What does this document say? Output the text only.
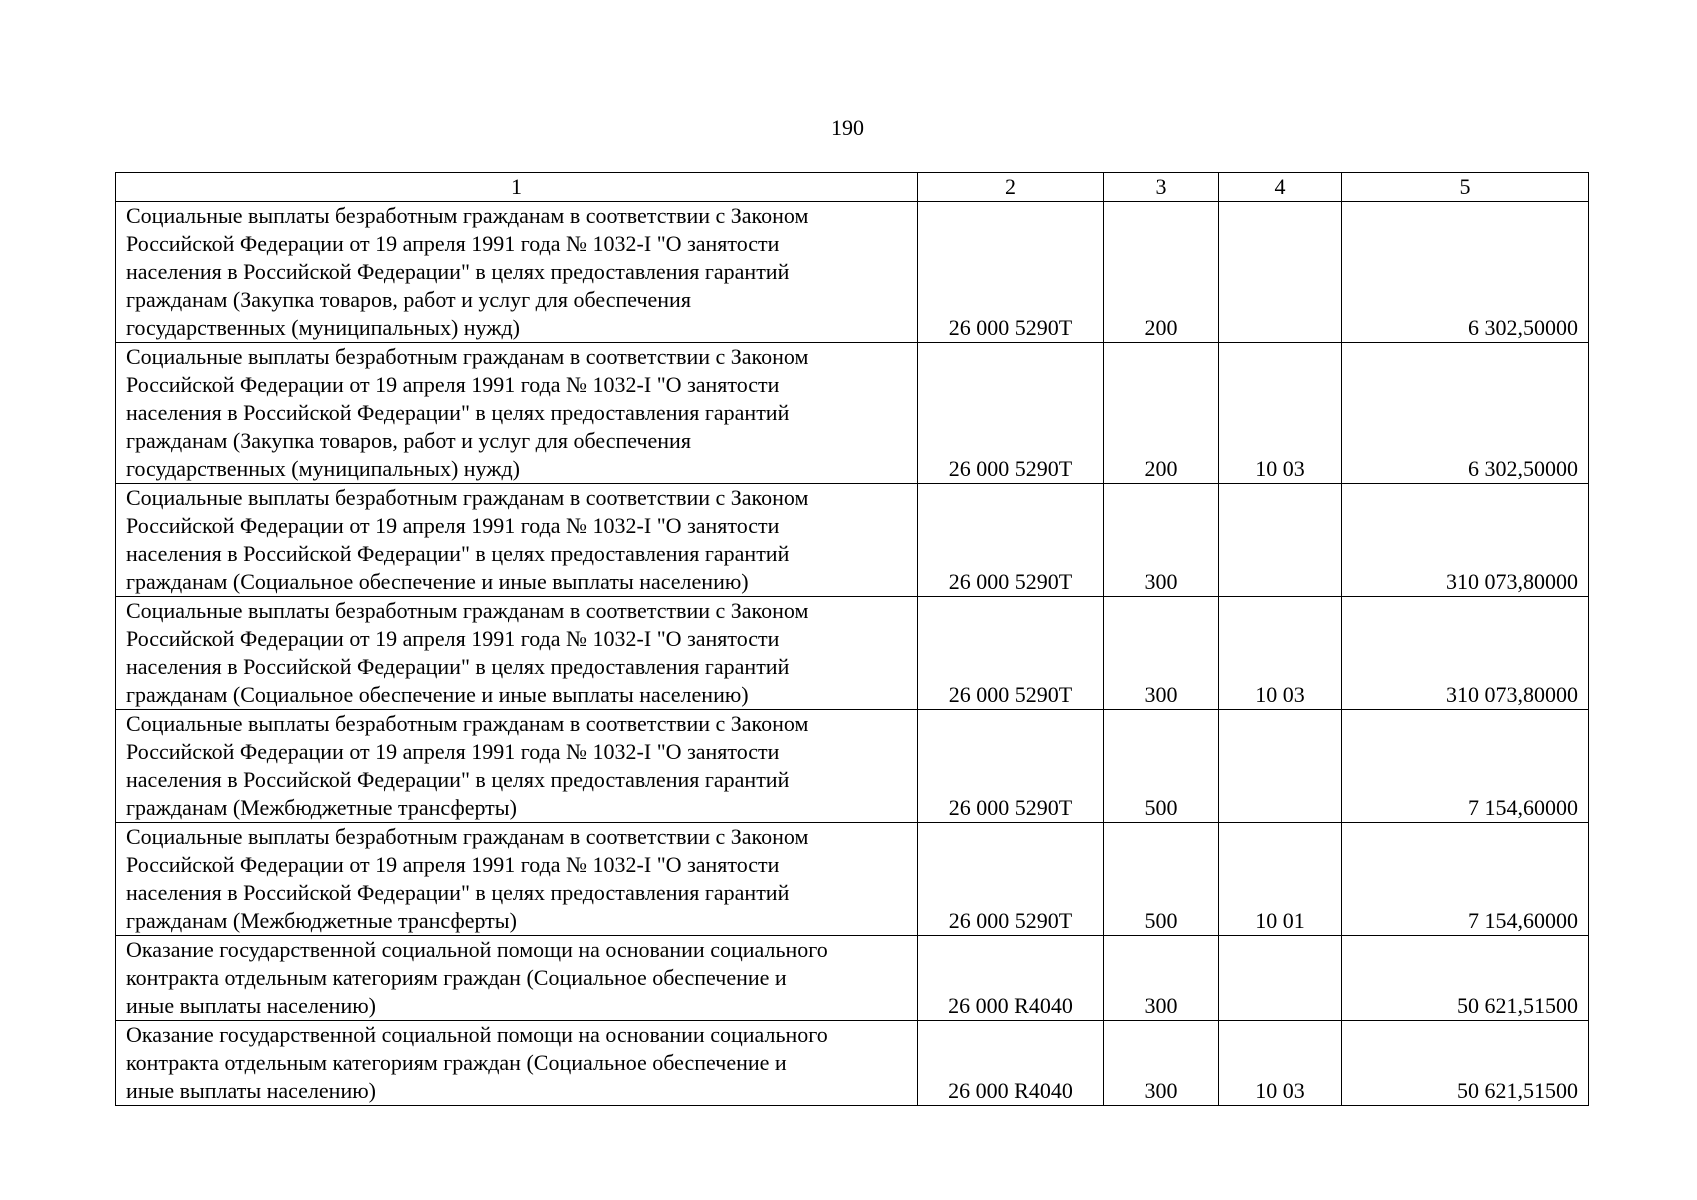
190
1	2	3	4	5
Социальные выплаты безработным гражданам в соответствии с Законом
Российской Федерации от 19 апреля 1991 года № 1032-I "О занятости
населения в Российской Федерации" в целях предоставления гарантий
гражданам (Закупка товаров, работ и услуг для обеспечения
государственных (муниципальных) нужд)	26 000 5290Т	200		6 302,50000
Социальные выплаты безработным гражданам в соответствии с Законом
Российской Федерации от 19 апреля 1991 года № 1032-I "О занятости
населения в Российской Федерации" в целях предоставления гарантий
гражданам (Закупка товаров, работ и услуг для обеспечения
государственных (муниципальных) нужд)	26 000 5290Т	200	10 03	6 302,50000
Социальные выплаты безработным гражданам в соответствии с Законом
Российской Федерации от 19 апреля 1991 года № 1032-I "О занятости
населения в Российской Федерации" в целях предоставления гарантий
гражданам (Социальное обеспечение и иные выплаты населению)	26 000 5290Т	300		310 073,80000
Социальные выплаты безработным гражданам в соответствии с Законом
Российской Федерации от 19 апреля 1991 года № 1032-I "О занятости
населения в Российской Федерации" в целях предоставления гарантий
гражданам (Социальное обеспечение и иные выплаты населению)	26 000 5290Т	300	10 03	310 073,80000
Социальные выплаты безработным гражданам в соответствии с Законом
Российской Федерации от 19 апреля 1991 года № 1032-I "О занятости
населения в Российской Федерации" в целях предоставления гарантий
гражданам (Межбюджетные трансферты)	26 000 5290Т	500		7 154,60000
Социальные выплаты безработным гражданам в соответствии с Законом
Российской Федерации от 19 апреля 1991 года № 1032-I "О занятости
населения в Российской Федерации" в целях предоставления гарантий
гражданам (Межбюджетные трансферты)	26 000 5290Т	500	10 01	7 154,60000
Оказание государственной социальной помощи на основании социального
контракта отдельным категориям граждан (Социальное обеспечение и
иные выплаты населению)	26 000 R4040	300		50 621,51500
Оказание государственной социальной помощи на основании социального
контракта отдельным категориям граждан (Социальное обеспечение и
иные выплаты населению)	26 000 R4040	300	10 03	50 621,51500
